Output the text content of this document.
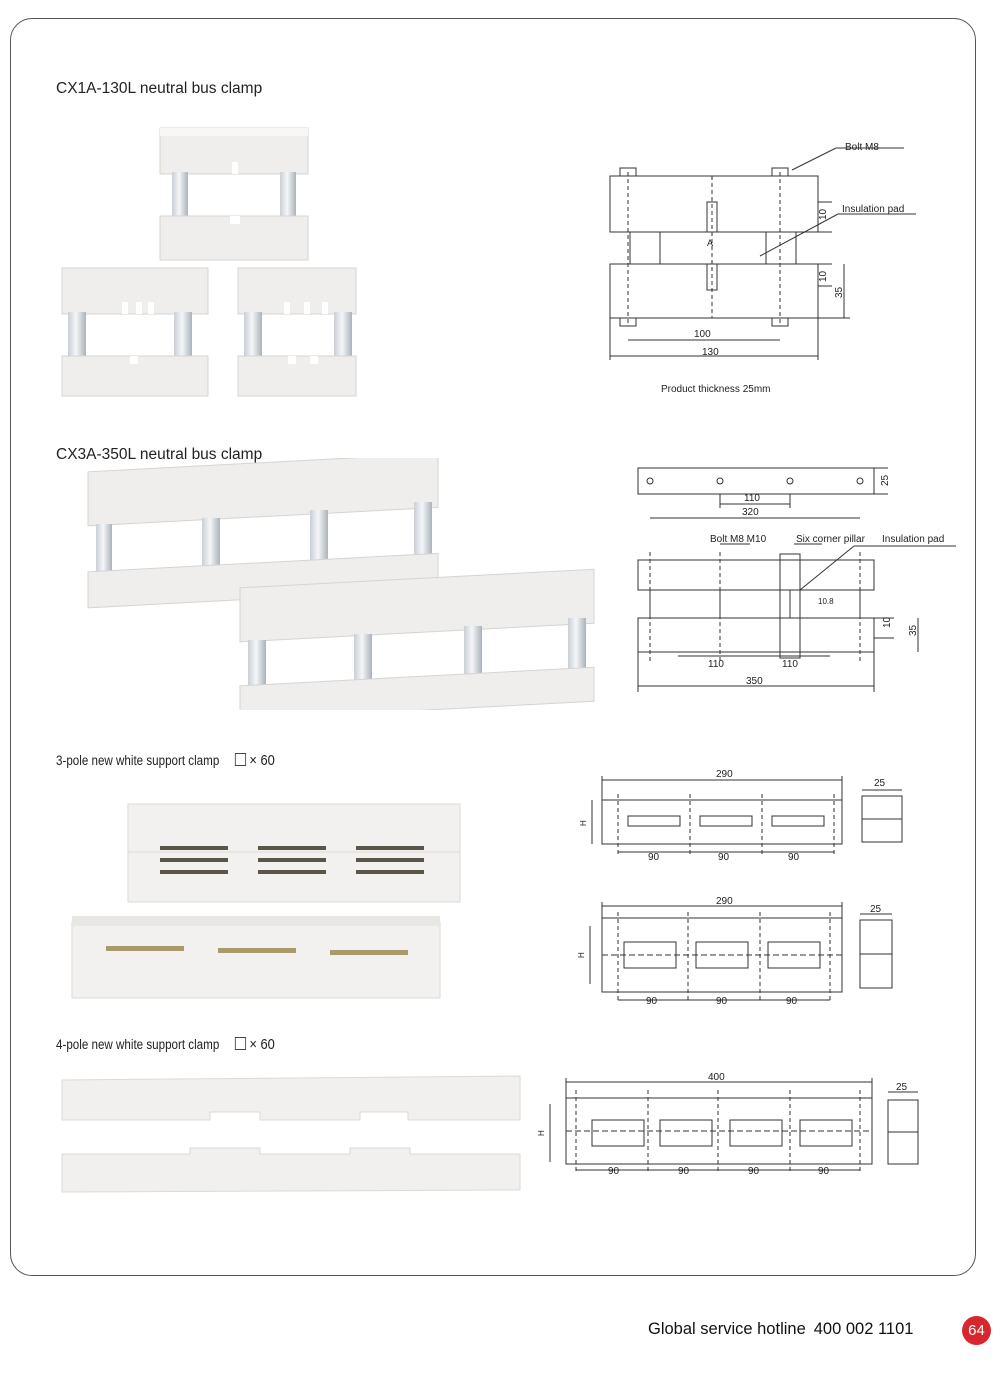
CX1A-130L neutral bus clamp
Bolt M8
Insulation pad
A
10
10
35
100
130
Product thickness 25mm
CX3A-350L neutral bus clamp
25
110
320
Bolt M8 M10	Six corner pillar Insulation pad
10.8
10
35
110	110
350
3-pole new white support clamp × 60
290
H
90	90	90
25
290
H
90	90	90
25
4-pole new white support clamp × 60
400
H
90	90	90	90
25
Global service hotline 400 002 1101	64
